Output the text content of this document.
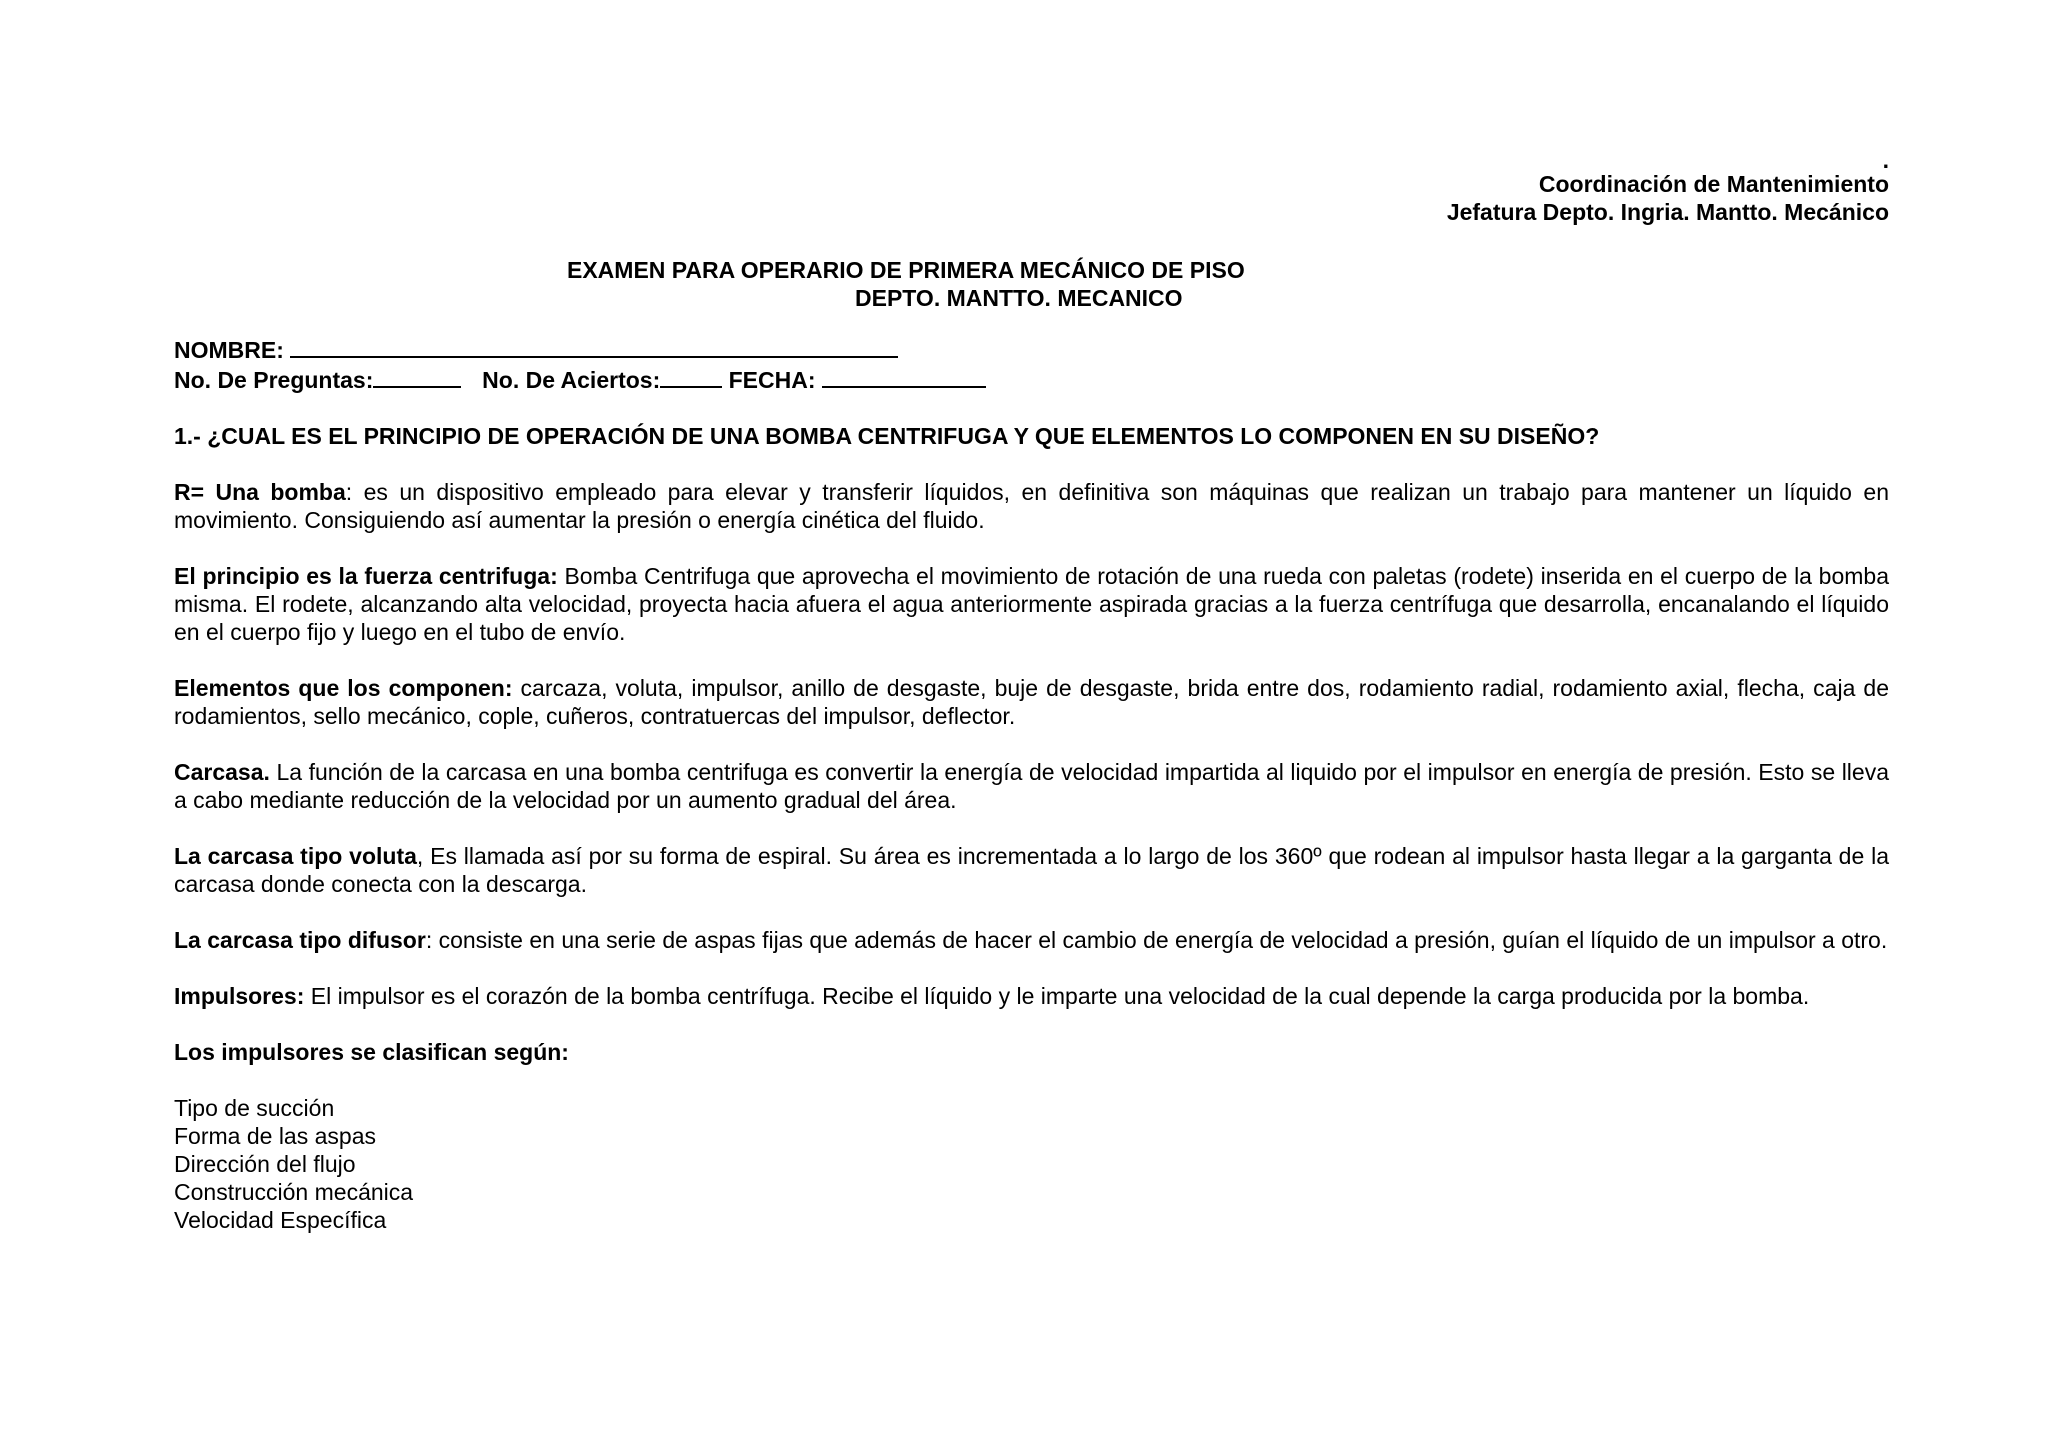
.
Coordinación de Mantenimiento
Jefatura Depto. Ingria. Mantto. Mecánico
EXAMEN PARA OPERARIO DE PRIMERA MECÁNICO DE PISO
DEPTO. MANTTO. MECANICO
NOMBRE:
No. De Preguntas:	No. De Aciertos:	FECHA:
1.- ¿CUAL ES EL PRINCIPIO DE OPERACIÓN DE UNA BOMBA CENTRIFUGA Y QUE ELEMENTOS LO COMPONEN EN SU DISEÑO?
R= Una bomba: es un dispositivo empleado para elevar y transferir líquidos, en definitiva son máquinas que realizan un trabajo para mantener un líquido en movimiento. Consiguiendo así aumentar la presión o energía cinética del fluido.
El principio es la fuerza centrifuga: Bomba Centrifuga que aprovecha el movimiento de rotación de una rueda con paletas (rodete) inserida en el cuerpo de la bomba misma. El rodete, alcanzando alta velocidad, proyecta hacia afuera el agua anteriormente aspirada gracias a la fuerza centrífuga que desarrolla, encanalando el líquido en el cuerpo fijo y luego en el tubo de envío.
Elementos que los componen: carcaza, voluta, impulsor, anillo de desgaste, buje de desgaste, brida entre dos, rodamiento radial, rodamiento axial, flecha, caja de rodamientos, sello mecánico, cople, cuñeros, contratuercas del impulsor, deflector.
Carcasa. La función de la carcasa en una bomba centrifuga es convertir la energía de velocidad impartida al liquido por el impulsor en energía de presión. Esto se lleva a cabo mediante reducción de la velocidad por un aumento gradual del área.
La carcasa tipo voluta, Es llamada así por su forma de espiral. Su área es incrementada a lo largo de los 360º que rodean al impulsor hasta llegar a la garganta de la carcasa donde conecta con la descarga.
La carcasa tipo difusor: consiste en una serie de aspas fijas que además de hacer el cambio de energía de velocidad a presión, guían el líquido de un impulsor a otro.
Impulsores: El impulsor es el corazón de la bomba centrífuga. Recibe el líquido y le imparte una velocidad de la cual depende la carga producida por la bomba.
Los impulsores se clasifican según:
Tipo de succión
Forma de las aspas
Dirección del flujo
Construcción mecánica
Velocidad Específica
